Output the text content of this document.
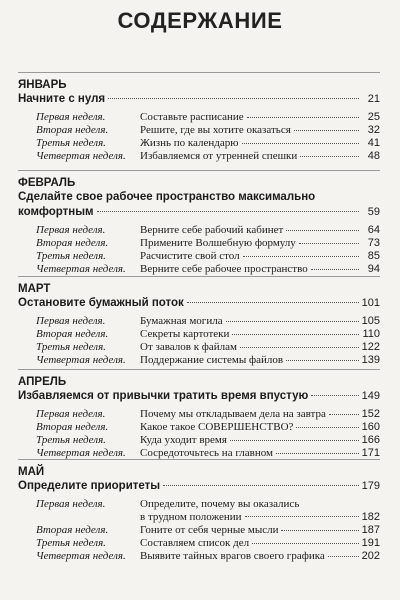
СОДЕРЖАНИЕ
ЯНВАРЬ
Начните с нуля	21
Первая неделя.	Составьте расписание	25
Вторая неделя.	Решите, где вы хотите оказаться	32
Третья неделя.	Жизнь по календарю	41
Четвертая неделя.	Избавляемся от утренней спешки	48
ФЕВРАЛЬ
Сделайте свое рабочее пространство максимально
комфортным	59
Первая неделя.	Верните себе рабочий кабинет	64
Вторая неделя.	Примените Волшебную формулу	73
Третья неделя.	Расчистите свой стол	85
Четвертая неделя.	Верните себе рабочее пространство	94
МАРТ
Остановите бумажный поток	101
Первая неделя.	Бумажная могила	105
Вторая неделя.	Секреты картотеки	110
Третья неделя.	От завалов к файлам	122
Четвертая неделя.	Поддержание системы файлов	139
АПРЕЛЬ
Избавляемся от привычки тратить время впустую	149
Первая неделя.	Почему мы откладываем дела на завтра	152
Вторая неделя.	Какое такое СОВЕРШЕНСТВО?	160
Третья неделя.	Куда уходит время	166
Четвертая неделя.	Сосредоточьтесь на главном	171
МАЙ
Определите приоритеты	179
Первая неделя.	Определите, почему вы оказались
в трудном положении	182
Вторая неделя.	Гоните от себя черные мысли	187
Третья неделя.	Составляем список дел	191
Четвертая неделя.	Выявите тайных врагов своего графика	202
